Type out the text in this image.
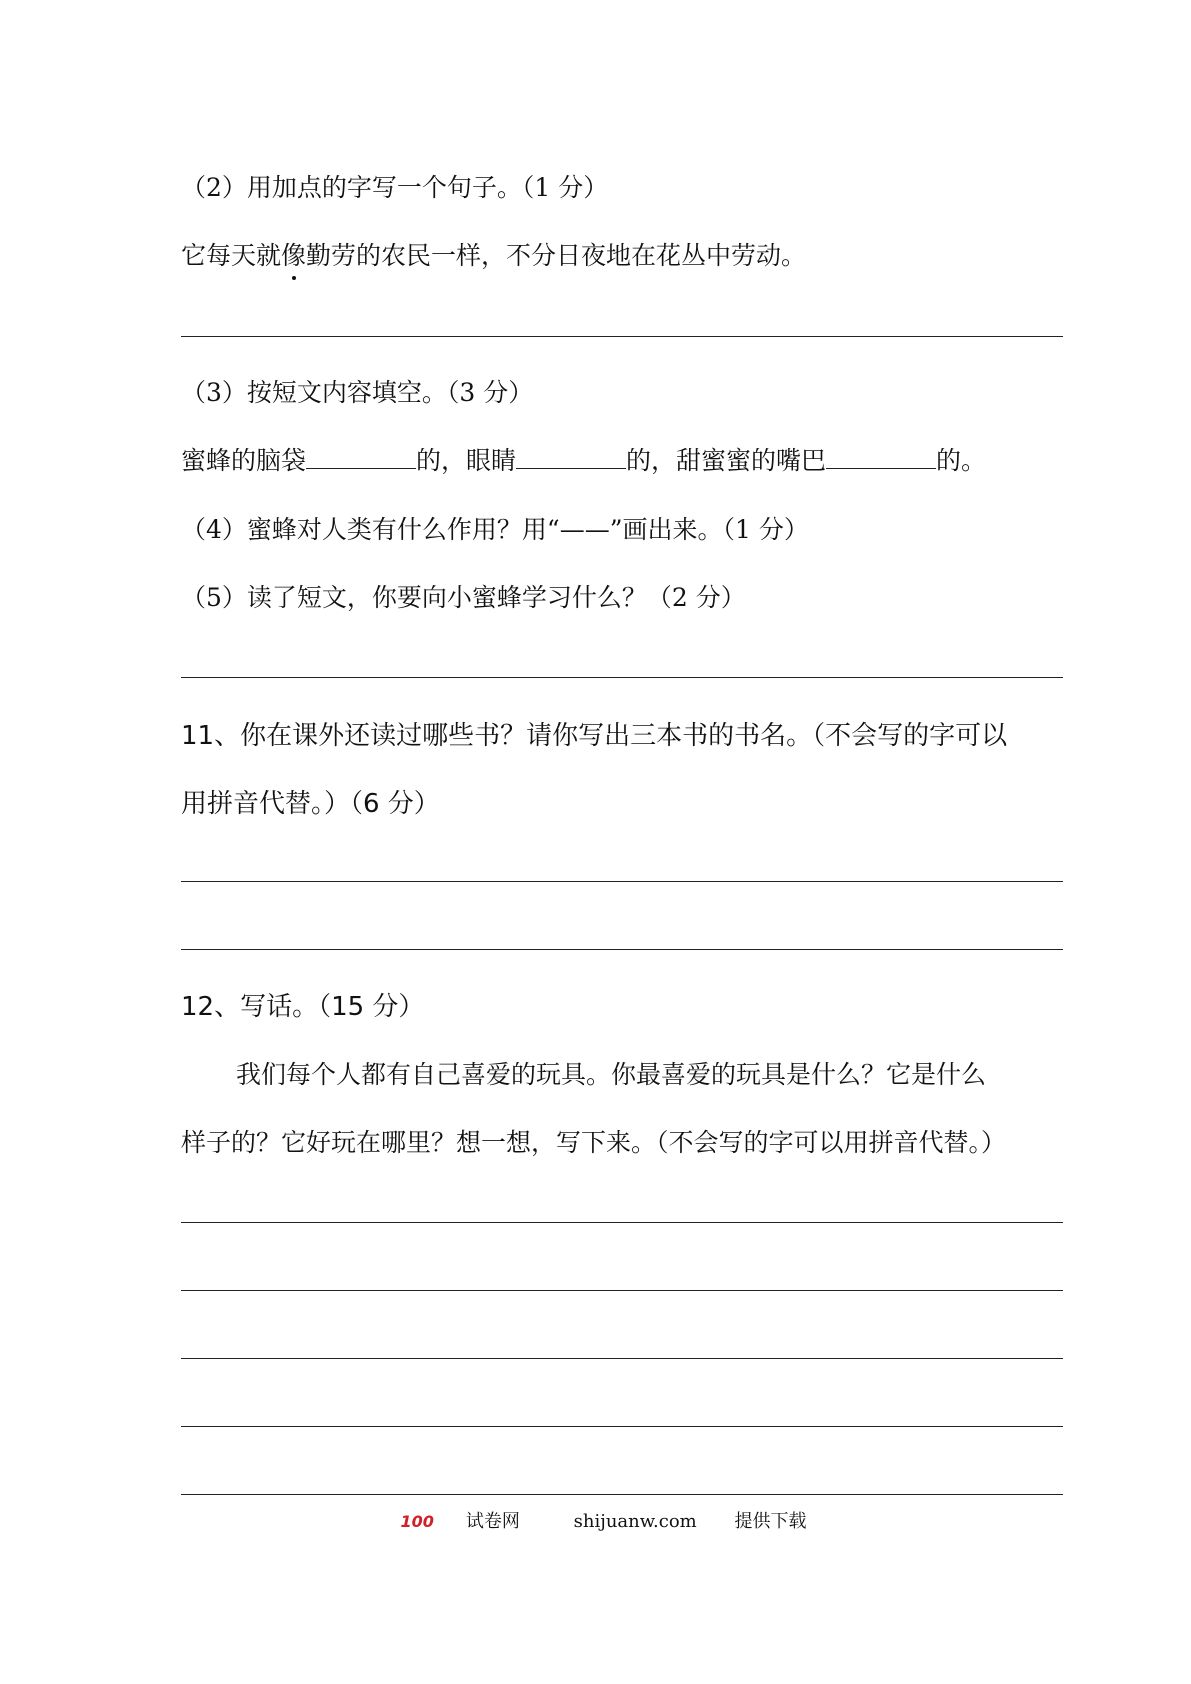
（2）用加点的字写一个句子。（1 分）
它每天就像勤劳的农民一样，不分日夜地在花丛中劳动。
（3）按短文内容填空。（3 分）
蜜蜂的脑袋	的，眼睛	的，甜蜜蜜的嘴巴	的。
（4）蜜蜂对人类有什么作用？用“——”画出来。（1 分）
（5）读了短文，你要向小蜜蜂学习什么？（2 分）
11、你在课外还读过哪些书？请你写出三本书的书名。（不会写的字可以
用拼音代替。）（6 分）
12、写话。（15 分）
我们每个人都有自己喜爱的玩具。你最喜爱的玩具是什么？它是什么
样子的？它好玩在哪里？想一想，写下来。（不会写的字可以用拼音代替。）
100 试卷网	shijuanw.com 提供下载
